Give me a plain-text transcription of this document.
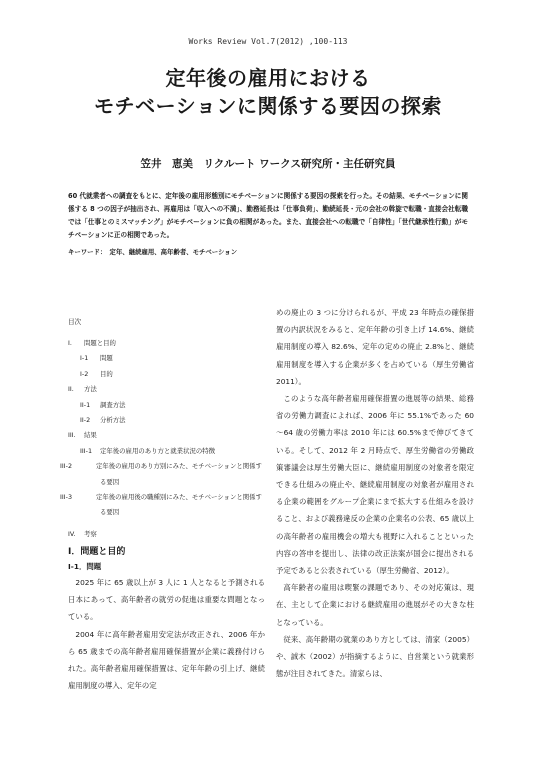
Works Review Vol.7(2012) ,100-113
定年後の雇用における
モチベーションに関係する要因の探索
笠井　恵美　リクルート ワークス研究所・主任研究員
60 代就業者への調査をもとに、定年後の雇用形態別にモチベーションに関係する要因の探索を行った。その結果、モチベーションに関係する 8 つの因子が抽出され、再雇用は「収入への不満」、勤務延長は「仕事負荷」、勤続延長・元の会社の斡旋で転職・直接会社転職では「仕事とのミスマッチング」がモチベーションに負の相関があった。また、直接会社への転職で「自律性」「世代継承性行動」がモチベーションに正の相関であった。
キーワード：　定年、継続雇用、高年齢者、モチベーション
目次
I. 問題と目的
I-1 問題
I-2 目的
II. 方法
II-1 調査方法
II-2 分析方法
III. 結果
III-1 定年後の雇用のあり方と就業状況の特徴
III-2	定年後の雇用のあり方別にみた、モチベーションと関係する要因
III-3	定年後の雇用後の職種別にみた、モチベーションと関係する要因
IV. 考察
I．問題と目的
I-1．問題

2025 年に 65 歳以上が 3 人に 1 人となると予測される日本にあって、高年齢者の就労の促進は重要な問題となっている。

2004 年に高年齢者雇用安定法が改正され、2006 年から 65 歳までの高年齢者雇用確保措置が企業に義務付けられた。高年齢者雇用確保措置は、定年年齢の引上げ、継続雇用制度の導入、定年の定

めの廃止の 3 つに分けられるが、平成 23 年時点の確保措置の内訳状況をみると、定年年齢の引き上げ 14.6%、継続雇用制度の導入 82.6%、定年の定めの廃止 2.8%と、継続雇用制度を導入する企業が多くを占めている（厚生労働省 2011）。

このような高年齢者雇用確保措置の進展等の結果、総務省の労働力調査によれば、2006 年に 55.1%であった 60～64 歳の労働力率は 2010 年には 60.5%まで伸びてきている。そして、2012 年 2 月時点で、厚生労働省の労働政策審議会は厚生労働大臣に、継続雇用制度の対象者を限定できる仕組みの廃止や、継続雇用制度の対象者が雇用される企業の範囲をグループ企業にまで拡大する仕組みを設けること、および義務違反の企業の企業名の公表、65 歳以上の高年齢者の雇用機会の増大も視野に入れることといった内容の答申を提出し、法律の改正法案が国会に提出される予定であると公表されている（厚生労働省、2012）。

高年齢者の雇用は喫緊の課題であり、その対応策は、現在、主として企業における継続雇用の進展がその大きな柱となっている。

従来、高年齢期の就業のあり方としては、清家（2005）や、誠木（2002）が指摘するように、自営業という就業形態が注目されてきた。清家らは、
